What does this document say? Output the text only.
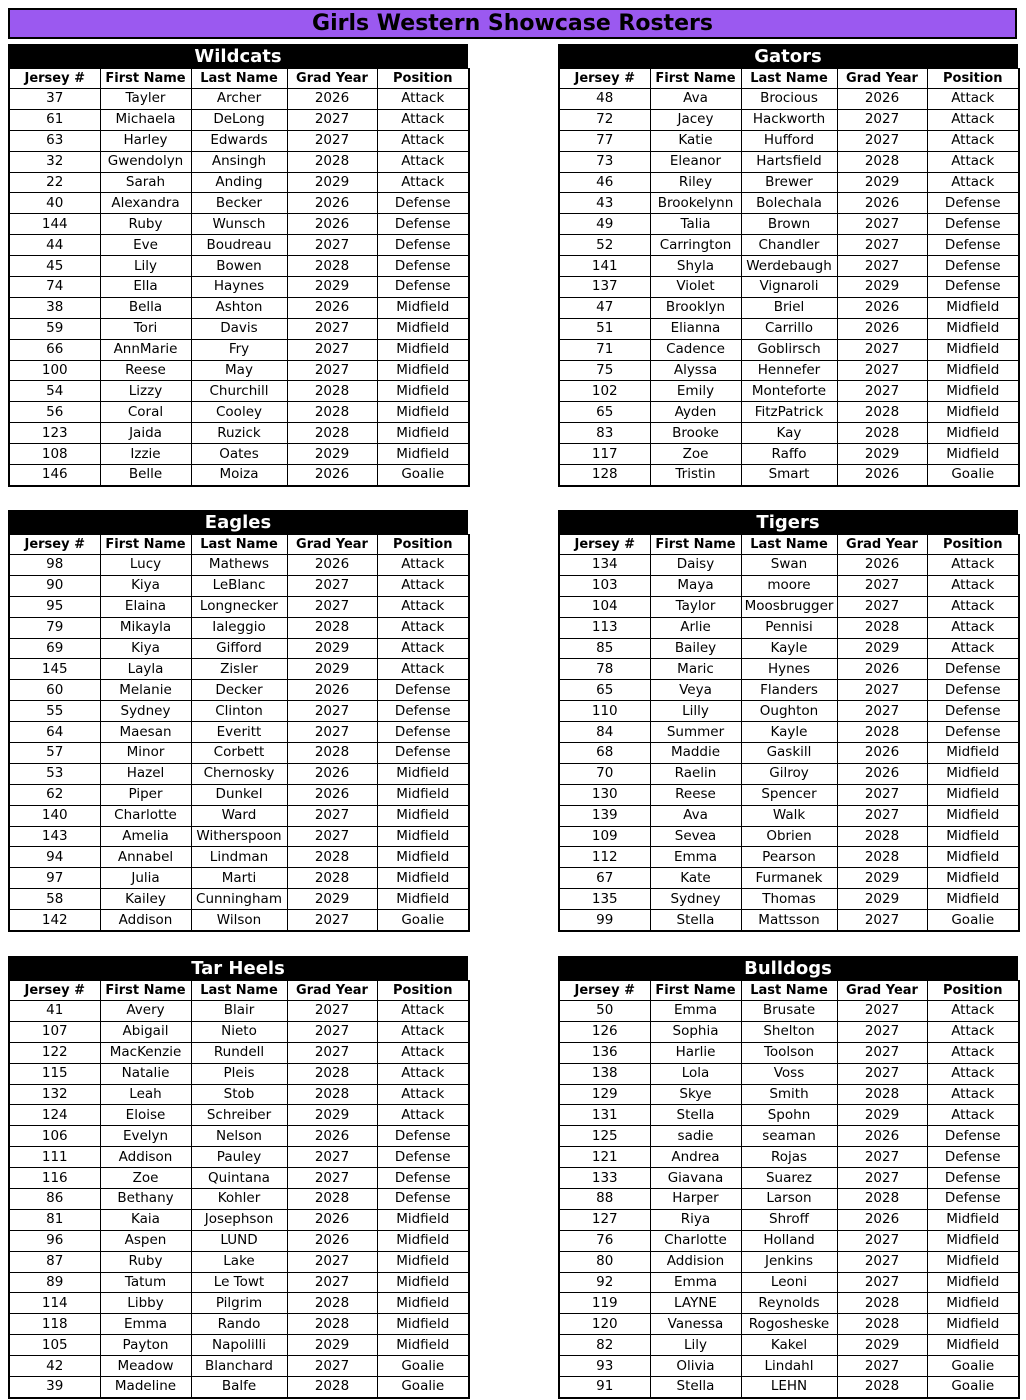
Girls Western Showcase Rosters
Wildcats
Jersey #	First Name	Last Name	Grad Year	Position
37	Tayler	Archer	2026	Attack
61	Michaela	DeLong	2027	Attack
63	Harley	Edwards	2027	Attack
32	Gwendolyn	Ansingh	2028	Attack
22	Sarah	Anding	2029	Attack
40	Alexandra	Becker	2026	Defense
144	Ruby	Wunsch	2026	Defense
44	Eve	Boudreau	2027	Defense
45	Lily	Bowen	2028	Defense
74	Ella	Haynes	2029	Defense
38	Bella	Ashton	2026	Midfield
59	Tori	Davis	2027	Midfield
66	AnnMarie	Fry	2027	Midfield
100	Reese	May	2027	Midfield
54	Lizzy	Churchill	2028	Midfield
56	Coral	Cooley	2028	Midfield
123	Jaida	Ruzick	2028	Midfield
108	Izzie	Oates	2029	Midfield
146	Belle	Moiza	2026	Goalie
Gators
Jersey #	First Name	Last Name	Grad Year	Position
48	Ava	Brocious	2026	Attack
72	Jacey	Hackworth	2027	Attack
77	Katie	Hufford	2027	Attack
73	Eleanor	Hartsfield	2028	Attack
46	Riley	Brewer	2029	Attack
43	Brookelynn	Bolechala	2026	Defense
49	Talia	Brown	2027	Defense
52	Carrington	Chandler	2027	Defense
141	Shyla	Werdebaugh	2027	Defense
137	Violet	Vignaroli	2029	Defense
47	Brooklyn	Briel	2026	Midfield
51	Elianna	Carrillo	2026	Midfield
71	Cadence	Goblirsch	2027	Midfield
75	Alyssa	Hennefer	2027	Midfield
102	Emily	Monteforte	2027	Midfield
65	Ayden	FitzPatrick	2028	Midfield
83	Brooke	Kay	2028	Midfield
117	Zoe	Raffo	2029	Midfield
128	Tristin	Smart	2026	Goalie
Eagles
Jersey #	First Name	Last Name	Grad Year	Position
98	Lucy	Mathews	2026	Attack
90	Kiya	LeBlanc	2027	Attack
95	Elaina	Longnecker	2027	Attack
79	Mikayla	Ialeggio	2028	Attack
69	Kiya	Gifford	2029	Attack
145	Layla	Zisler	2029	Attack
60	Melanie	Decker	2026	Defense
55	Sydney	Clinton	2027	Defense
64	Maesan	Everitt	2027	Defense
57	Minor	Corbett	2028	Defense
53	Hazel	Chernosky	2026	Midfield
62	Piper	Dunkel	2026	Midfield
140	Charlotte	Ward	2027	Midfield
143	Amelia	Witherspoon	2027	Midfield
94	Annabel	Lindman	2028	Midfield
97	Julia	Marti	2028	Midfield
58	Kailey	Cunningham	2029	Midfield
142	Addison	Wilson	2027	Goalie
Tigers
Jersey #	First Name	Last Name	Grad Year	Position
134	Daisy	Swan	2026	Attack
103	Maya	moore	2027	Attack
104	Taylor	Moosbrugger	2027	Attack
113	Arlie	Pennisi	2028	Attack
85	Bailey	Kayle	2029	Attack
78	Maric	Hynes	2026	Defense
65	Veya	Flanders	2027	Defense
110	Lilly	Oughton	2027	Defense
84	Summer	Kayle	2028	Defense
68	Maddie	Gaskill	2026	Midfield
70	Raelin	Gilroy	2026	Midfield
130	Reese	Spencer	2027	Midfield
139	Ava	Walk	2027	Midfield
109	Sevea	Obrien	2028	Midfield
112	Emma	Pearson	2028	Midfield
67	Kate	Furmanek	2029	Midfield
135	Sydney	Thomas	2029	Midfield
99	Stella	Mattsson	2027	Goalie
Tar Heels
Jersey #	First Name	Last Name	Grad Year	Position
41	Avery	Blair	2027	Attack
107	Abigail	Nieto	2027	Attack
122	MacKenzie	Rundell	2027	Attack
115	Natalie	Pleis	2028	Attack
132	Leah	Stob	2028	Attack
124	Eloise	Schreiber	2029	Attack
106	Evelyn	Nelson	2026	Defense
111	Addison	Pauley	2027	Defense
116	Zoe	Quintana	2027	Defense
86	Bethany	Kohler	2028	Defense
81	Kaia	Josephson	2026	Midfield
96	Aspen	LUND	2026	Midfield
87	Ruby	Lake	2027	Midfield
89	Tatum	Le Towt	2027	Midfield
114	Libby	Pilgrim	2028	Midfield
118	Emma	Rando	2028	Midfield
105	Payton	Napolilli	2029	Midfield
42	Meadow	Blanchard	2027	Goalie
39	Madeline	Balfe	2028	Goalie
Bulldogs
Jersey #	First Name	Last Name	Grad Year	Position
50	Emma	Brusate	2027	Attack
126	Sophia	Shelton	2027	Attack
136	Harlie	Toolson	2027	Attack
138	Lola	Voss	2027	Attack
129	Skye	Smith	2028	Attack
131	Stella	Spohn	2029	Attack
125	sadie	seaman	2026	Defense
121	Andrea	Rojas	2027	Defense
133	Giavana	Suarez	2027	Defense
88	Harper	Larson	2028	Defense
127	Riya	Shroff	2026	Midfield
76	Charlotte	Holland	2027	Midfield
80	Addision	Jenkins	2027	Midfield
92	Emma	Leoni	2027	Midfield
119	LAYNE	Reynolds	2028	Midfield
120	Vanessa	Rogosheske	2028	Midfield
82	Lily	Kakel	2029	Midfield
93	Olivia	Lindahl	2027	Goalie
91	Stella	LEHN	2028	Goalie
